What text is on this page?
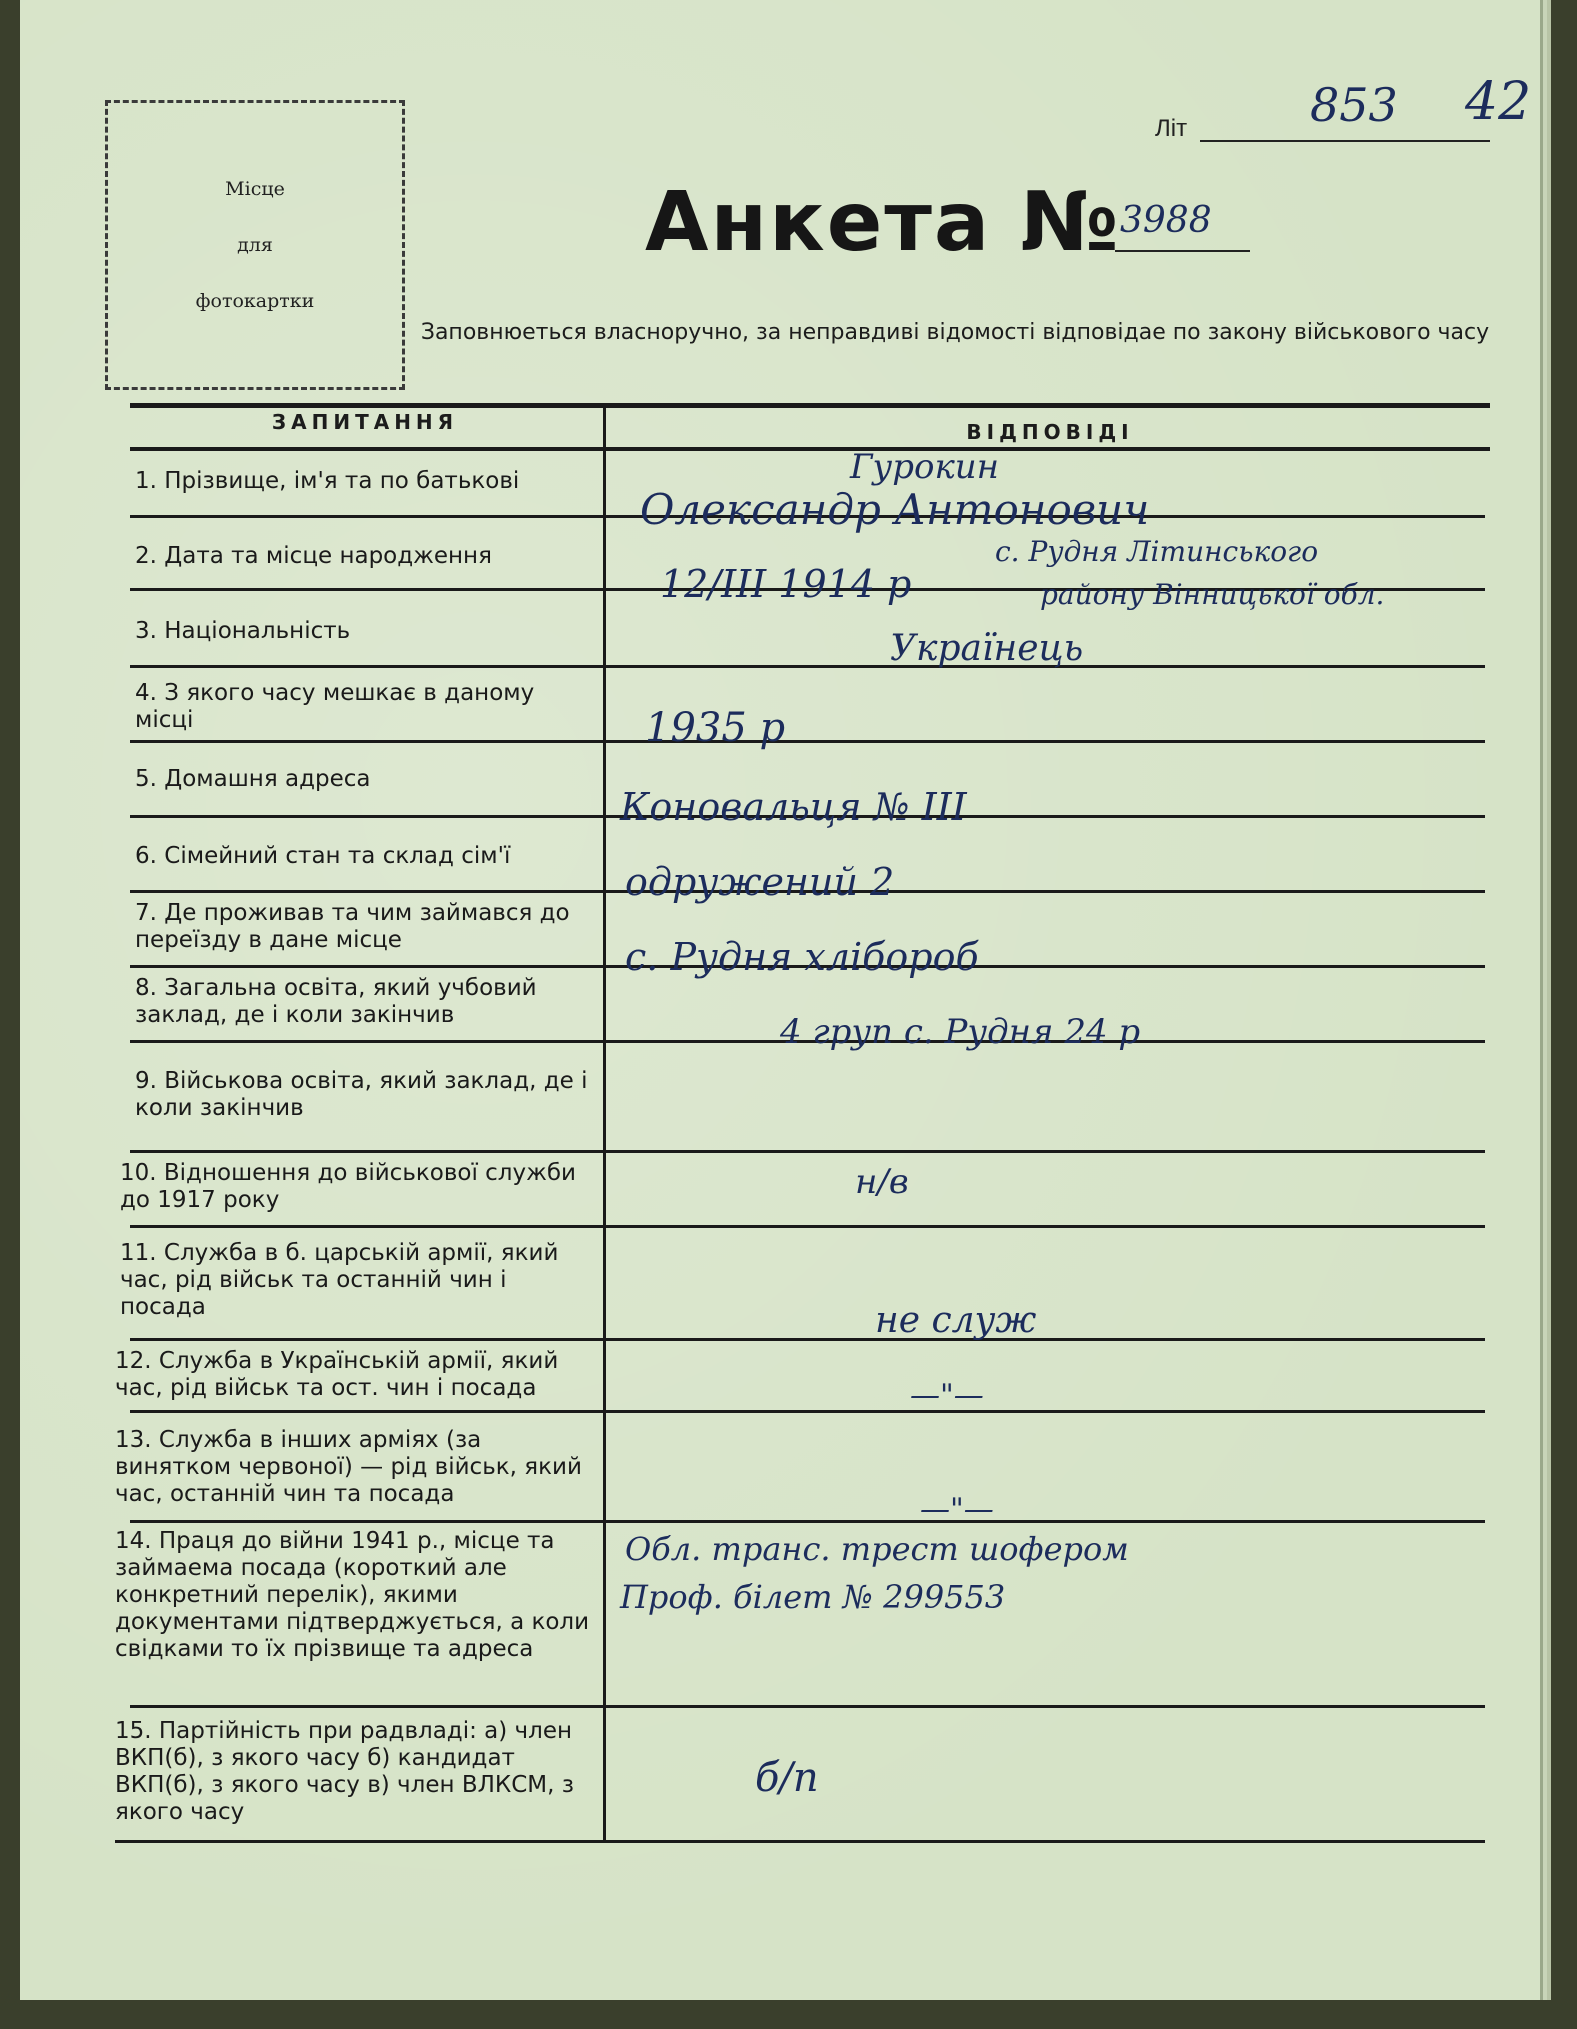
Місце
для
фотокартки
Літ	853 42
Анкета № 3988
Заповнюеться власноручно, за неправдиві відомості відповідае по закону військового часу
ЗАПИТАННЯ	ВІДПОВІДІ
1. Прізвище, ім'я та по батькові
2. Дата та місце народження
3. Національність
4. З якого часу мешкає в даному місці
5. Домашня адреса
6. Сімейний стан та склад сім'ї
7. Де проживав та чим займався до переїзду в дане місце
8. Загальна освіта, який учбовий заклад, де і коли закінчив
9. Військова освіта, який заклад, де і коли закінчив
10. Відношення до військової служби до 1917 року
11. Служба в б. царській армії, який час, рід військ та останній чин і посада
12. Служба в Українській армії, який час, рід військ та ост. чин і посада
13. Служба в інших арміях (за винятком червоної) — рід військ, який час, останній чин та посада
14. Праця до війни 1941 р., місце та займаема посада (короткий але конкретний перелік), якими документами підтверджується, а коли свідками то їх прізвище та адреса
15. Партійність при радвладі: а) член ВКП(б), з якого часу б) кандидат ВКП(б), з якого часу в) член ВЛКСМ, з якого часу
Гурокин
Олександр Антонович
12/III 1914 р
с. Рудня Літинського
району Вінницької обл.
Українець
1935 р
Коновальця № III
одружений 2
с. Рудня хлібороб
4 груп с. Рудня 24 р
н/в
не служ
—"—
—"—
Обл. транс. трест шофером
Проф. білет № 299553
б/п
